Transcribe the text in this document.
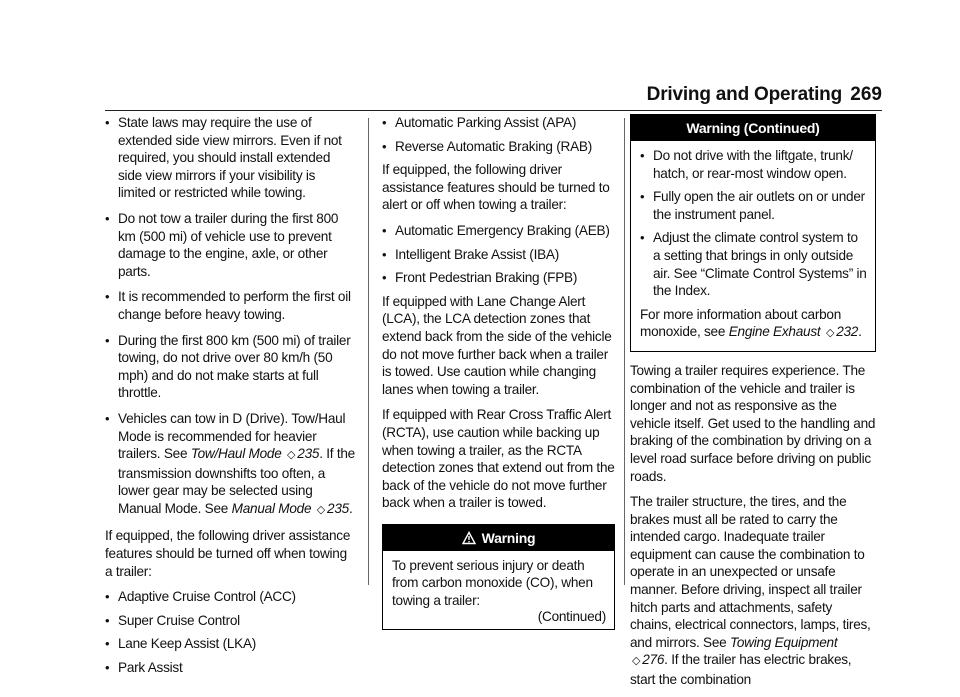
Driving and Operating 269
• State laws may require the use of extended side view mirrors. Even if not required, you should install extended side view mirrors if your visibility is limited or restricted while towing.
• Do not tow a trailer during the first 800 km (500 mi) of vehicle use to prevent damage to the engine, axle, or other parts.
• It is recommended to perform the first oil change before heavy towing.
• During the first 800 km (500 mi) of trailer towing, do not drive over 80 km/h (50 mph) and do not make starts at full throttle.
• Vehicles can tow in D (Drive). Tow/Haul Mode is recommended for heavier trailers. See Tow/Haul Mode ◇ 235. If the transmission downshifts too often, a lower gear may be selected using Manual Mode. See Manual Mode ◇ 235.

If equipped, the following driver assistance features should be turned off when towing a trailer:

• Adaptive Cruise Control (ACC)
• Super Cruise Control
• Lane Keep Assist (LKA)
• Park Assist
• Automatic Parking Assist (APA)
• Reverse Automatic Braking (RAB)

If equipped, the following driver assistance features should be turned to alert or off when towing a trailer:

• Automatic Emergency Braking (AEB)
• Intelligent Brake Assist (IBA)
• Front Pedestrian Braking (FPB)

If equipped with Lane Change Alert (LCA), the LCA detection zones that extend back from the side of the vehicle do not move further back when a trailer is towed. Use caution while changing lanes when towing a trailer.

If equipped with Rear Cross Traffic Alert (RCTA), use caution while backing up when towing a trailer, as the RCTA detection zones that extend out from the back of the vehicle do not move further back when a trailer is towed.

Warning
To prevent serious injury or death from carbon monoxide (CO), when towing a trailer:
(Continued)
Warning (Continued)
• Do not drive with the liftgate, trunk/ hatch, or rear-most window open.
• Fully open the air outlets on or under the instrument panel.
• Adjust the climate control system to a setting that brings in only outside air. See “Climate Control Systems” in the Index.

For more information about carbon monoxide, see Engine Exhaust ◇ 232.

Towing a trailer requires experience. The combination of the vehicle and trailer is longer and not as responsive as the vehicle itself. Get used to the handling and braking of the combination by driving on a level road surface before driving on public roads.

The trailer structure, the tires, and the brakes must all be rated to carry the intended cargo. Inadequate trailer equipment can cause the combination to operate in an unexpected or unsafe manner. Before driving, inspect all trailer hitch parts and attachments, safety chains, electrical connectors, lamps, tires, and mirrors. See Towing Equipment ◇ 276. If the trailer has electric brakes, start the combination
